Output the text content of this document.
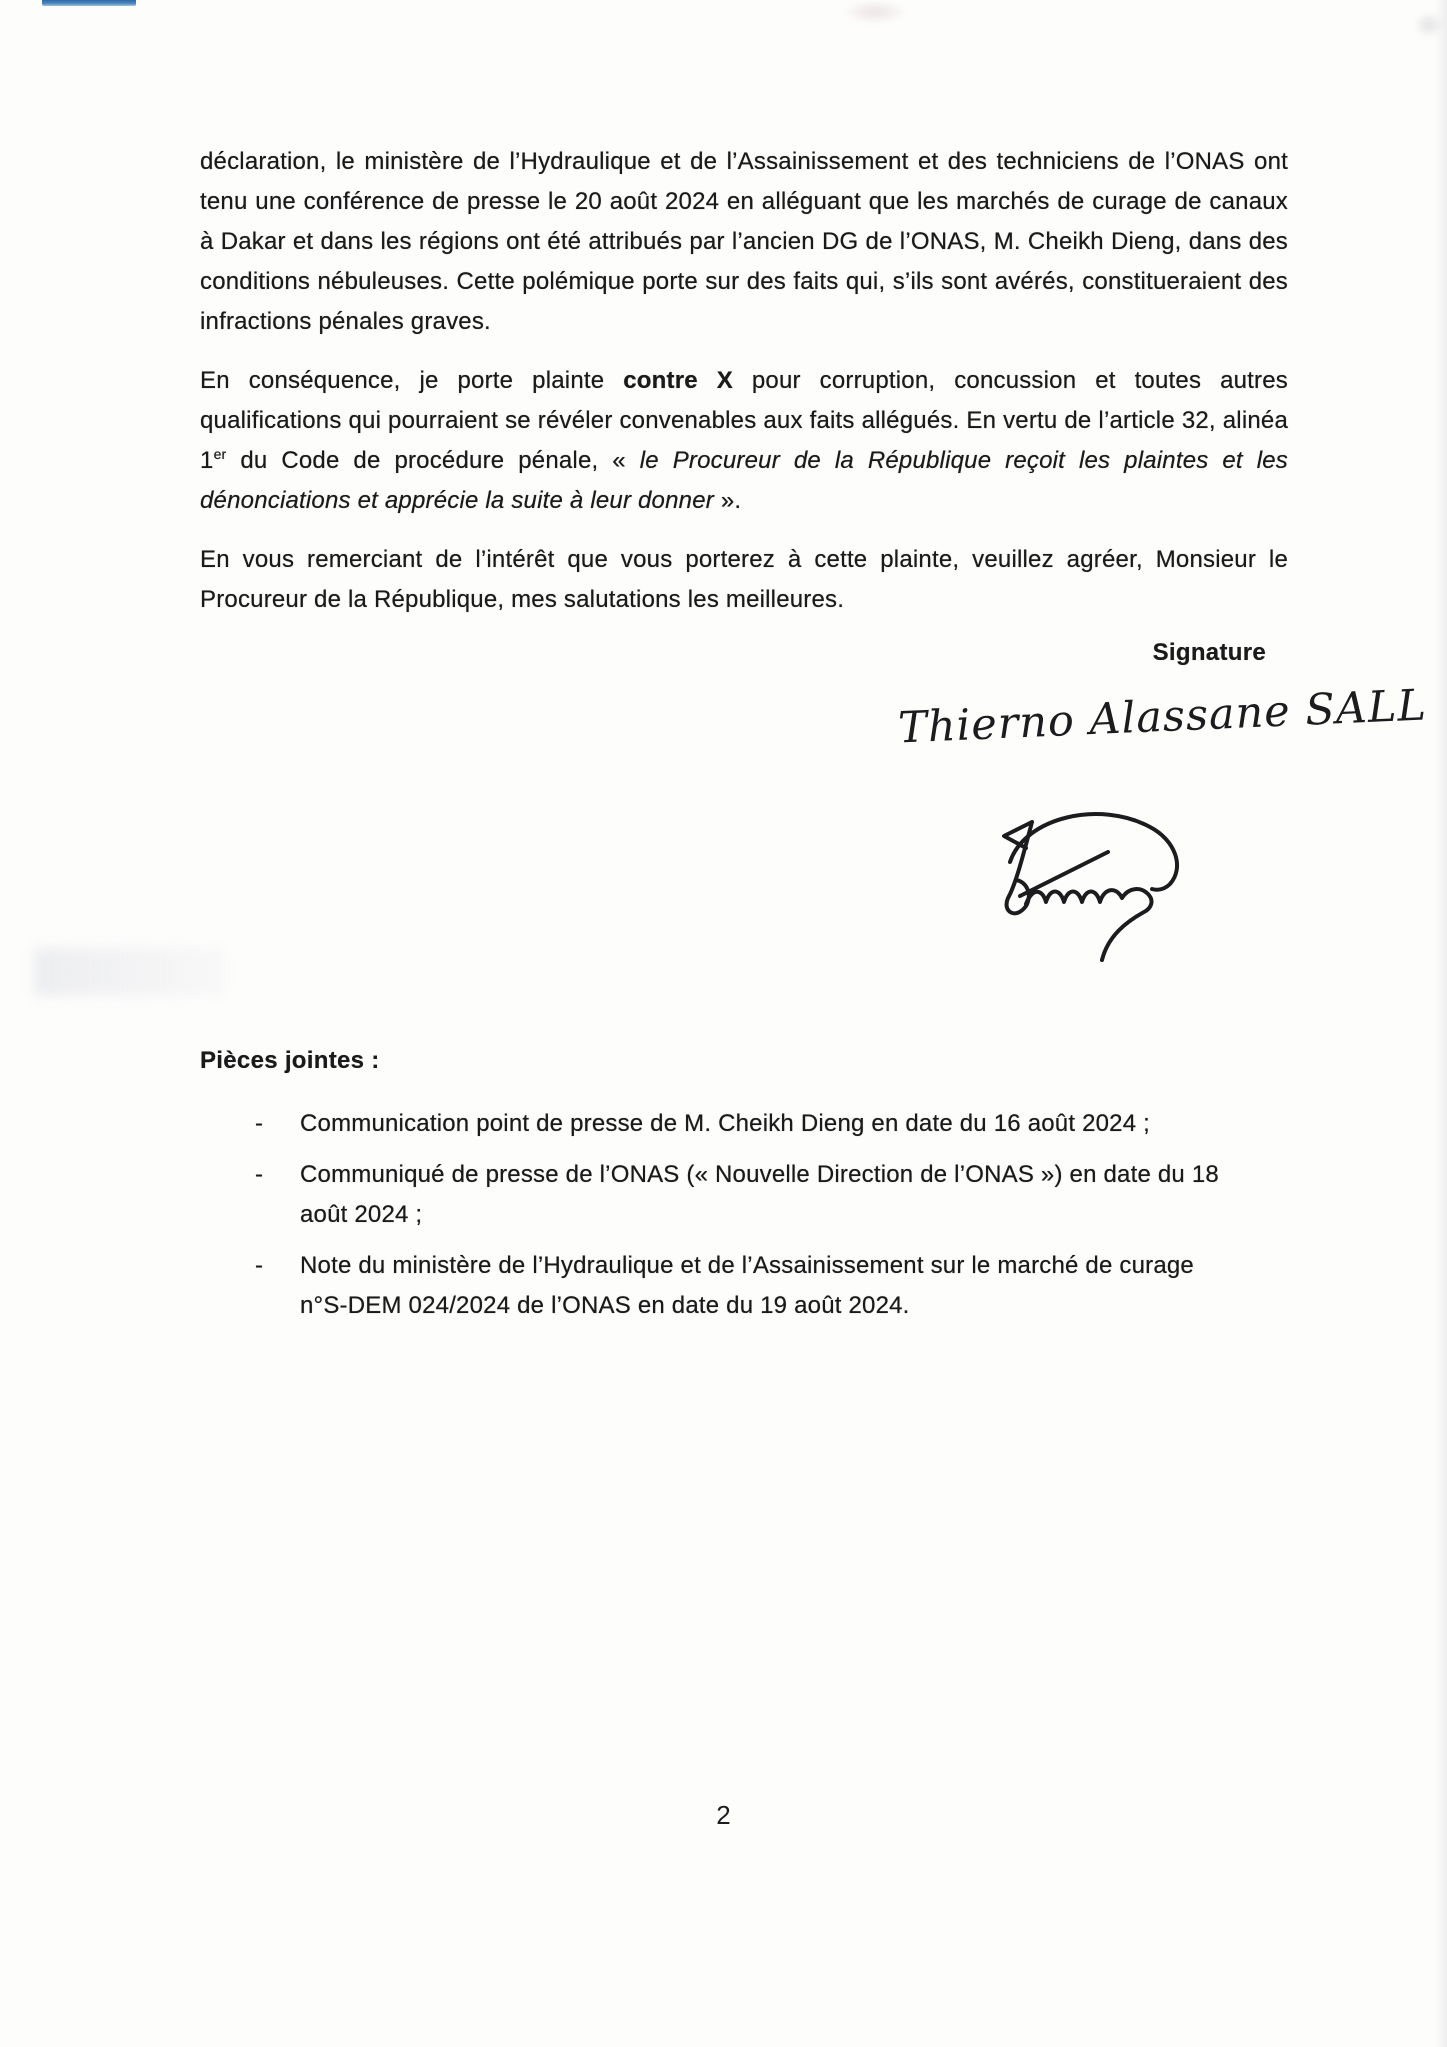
déclaration, le ministère de l’Hydraulique et de l’Assainissement et des techniciens de l’ONAS ont tenu une conférence de presse le 20 août 2024 en alléguant que les marchés de curage de canaux à Dakar et dans les régions ont été attribués par l’ancien DG de l’ONAS, M. Cheikh Dieng, dans des conditions nébuleuses. Cette polémique porte sur des faits qui, s’ils sont avérés, constitueraient des infractions pénales graves.

En conséquence, je porte plainte contre X pour corruption, concussion et toutes autres qualifications qui pourraient se révéler convenables aux faits allégués. En vertu de l’article 32, alinéa 1er du Code de procédure pénale, « le Procureur de la République reçoit les plaintes et les dénonciations et apprécie la suite à leur donner ».

En vous remerciant de l’intérêt que vous porterez à cette plainte, veuillez agréer, Monsieur le Procureur de la République, mes salutations les meilleures.

Signature
Thierno Alassane SALL
Pièces jointes :
-	Communication point de presse de M. Cheikh Dieng en date du 16 août 2024 ;
-	Communiqué de presse de l’ONAS (« Nouvelle Direction de l’ONAS ») en date du 18 août 2024 ;
-	Note du ministère de l’Hydraulique et de l’Assainissement sur le marché de curage n°S-DEM 024/2024 de l’ONAS en date du 19 août 2024.
2
